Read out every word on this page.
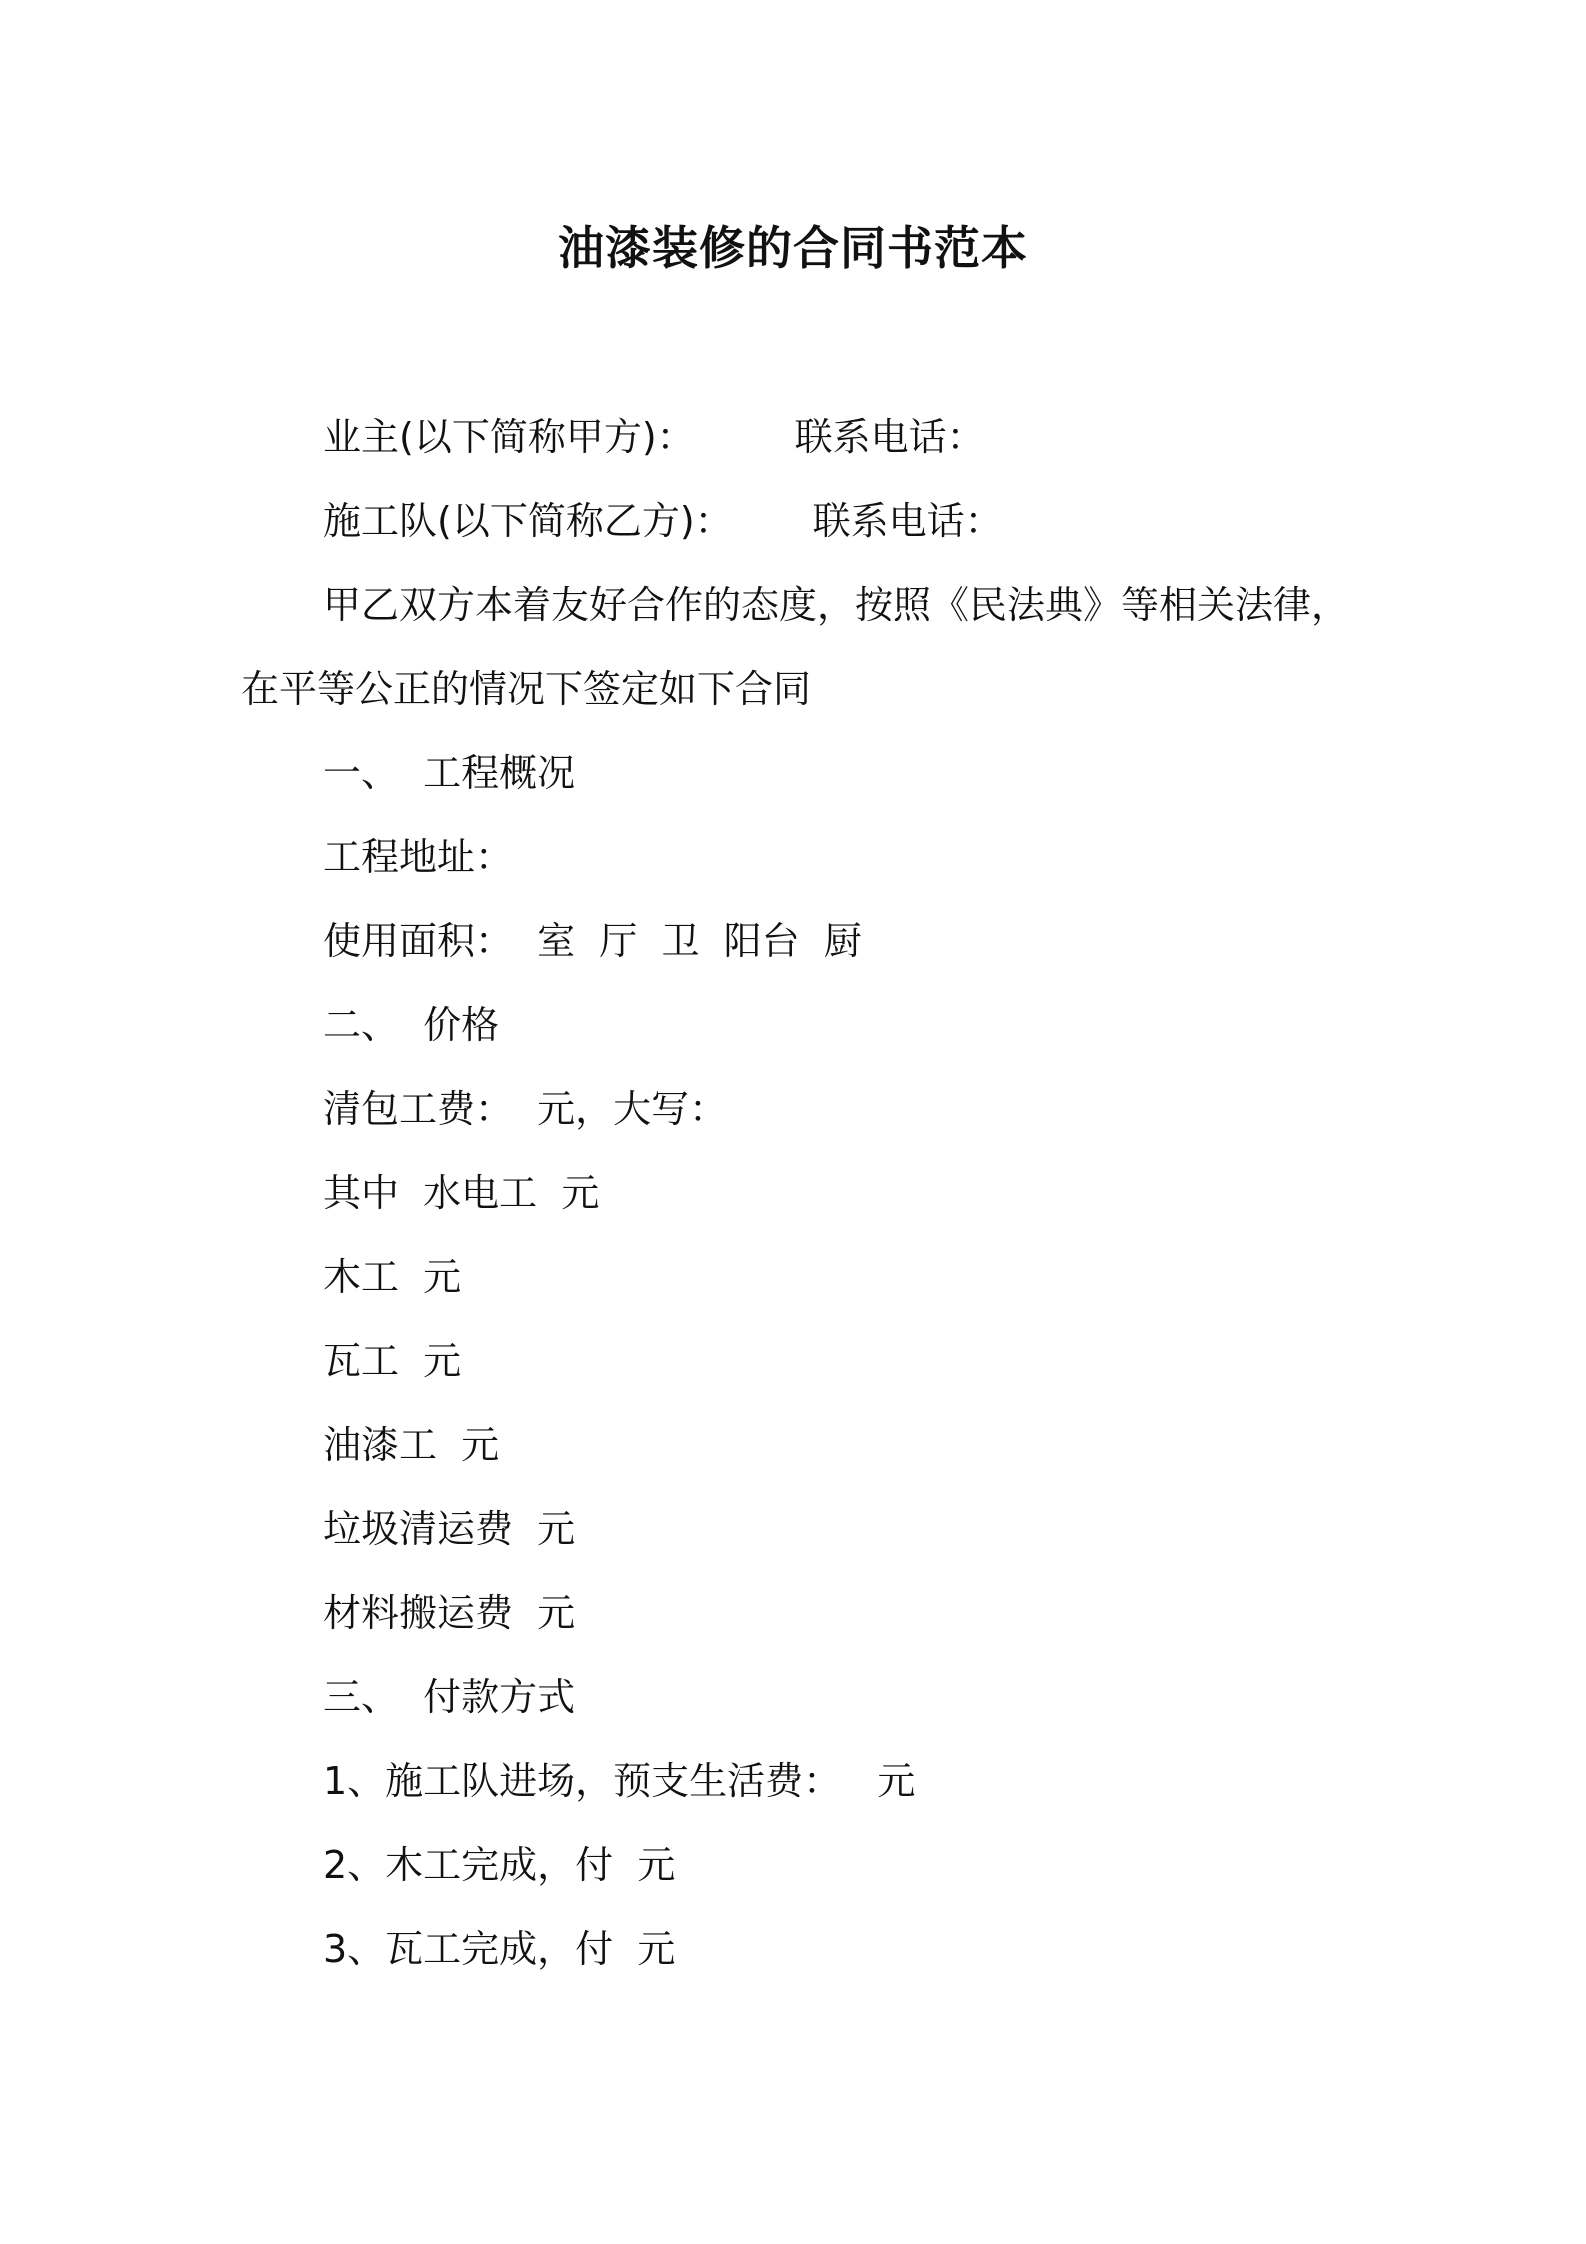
油漆装修的合同书范本

业主(以下简称甲方)：	联系电话：

施工队(以下简称乙方)： 联系电话：

甲乙双方本着友好合作的态度，按照《民法典》等相关法律，

在平等公正的情况下签定如下合同

一、  工程概况

工程地址：

使用面积：  室  厅  卫  阳台  厨

二、  价格

清包工费：  元，大写：

其中  水电工  元

木工  元

瓦工  元

油漆工  元

垃圾清运费  元

材料搬运费  元

三、  付款方式

1、施工队进场，预支生活费：   元

2、木工完成，付  元

3、瓦工完成，付  元
